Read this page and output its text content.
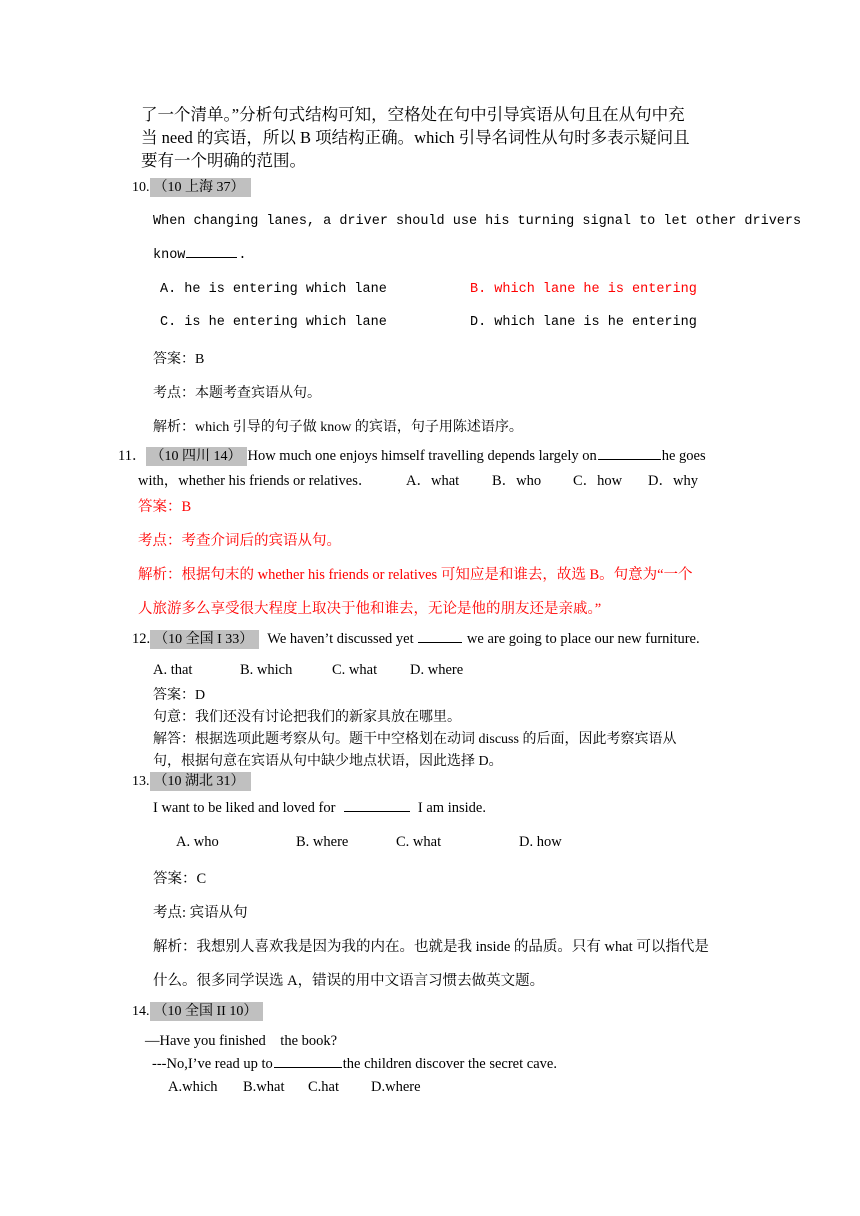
了一个清单。”分析句式结构可知，空格处在句中引导宾语从句且在从句中充
当 need 的宾语，所以 B 项结构正确。which 引导名词性从句时多表示疑问且
要有一个明确的范围。
10. （10 上海 37）
When changing lanes, a driver should use his turning signal to let other drivers
know	.
A. he is entering which lane	B. which lane he is entering
C. is he entering which lane	D. which lane is he entering
答案：B
考点：本题考查宾语从句。
解析：which 引导的句子做 know 的宾语，句子用陈述语序。
11． （10 四川 14） How much one enjoys himself travelling depends largely on	he goes
with，whether his friends or relatives． A．what B．who C．how D．why
答案：B
考点：考查介词后的宾语从句。
解析：根据句末的 whether his friends or relatives 可知应是和谁去，故选 B。句意为“一个
人旅游多么享受很大程度上取决于他和谁去，无论是他的朋友还是亲戚。”
12. （10 全国 I 33） We haven’t discussed yet	we are going to place our new furniture.
A. that	B. which	C. what D. where
答案：D
句意：我们还没有讨论把我们的新家具放在哪里。
解答：根据选项此题考察从句。题干中空格划在动词 discuss 的后面，因此考察宾语从
句，根据句意在宾语从句中缺少地点状语，因此选择 D。
13. （10 湖北 31）
I want to be liked and loved for	I am inside.
A. who	B. where	C. what	D. how
答案：C
考点: 宾语从句
解析：我想别人喜欢我是因为我的内在。也就是我 inside 的品质。只有 what 可以指代是
什么。很多同学误选 A，错误的用中文语言习惯去做英文题。
14. （10 全国 II 10）
—Have you finished    the book?
---No,I’ve read up to	the children discover the secret cave.
A.which B.what C.hat D.where
